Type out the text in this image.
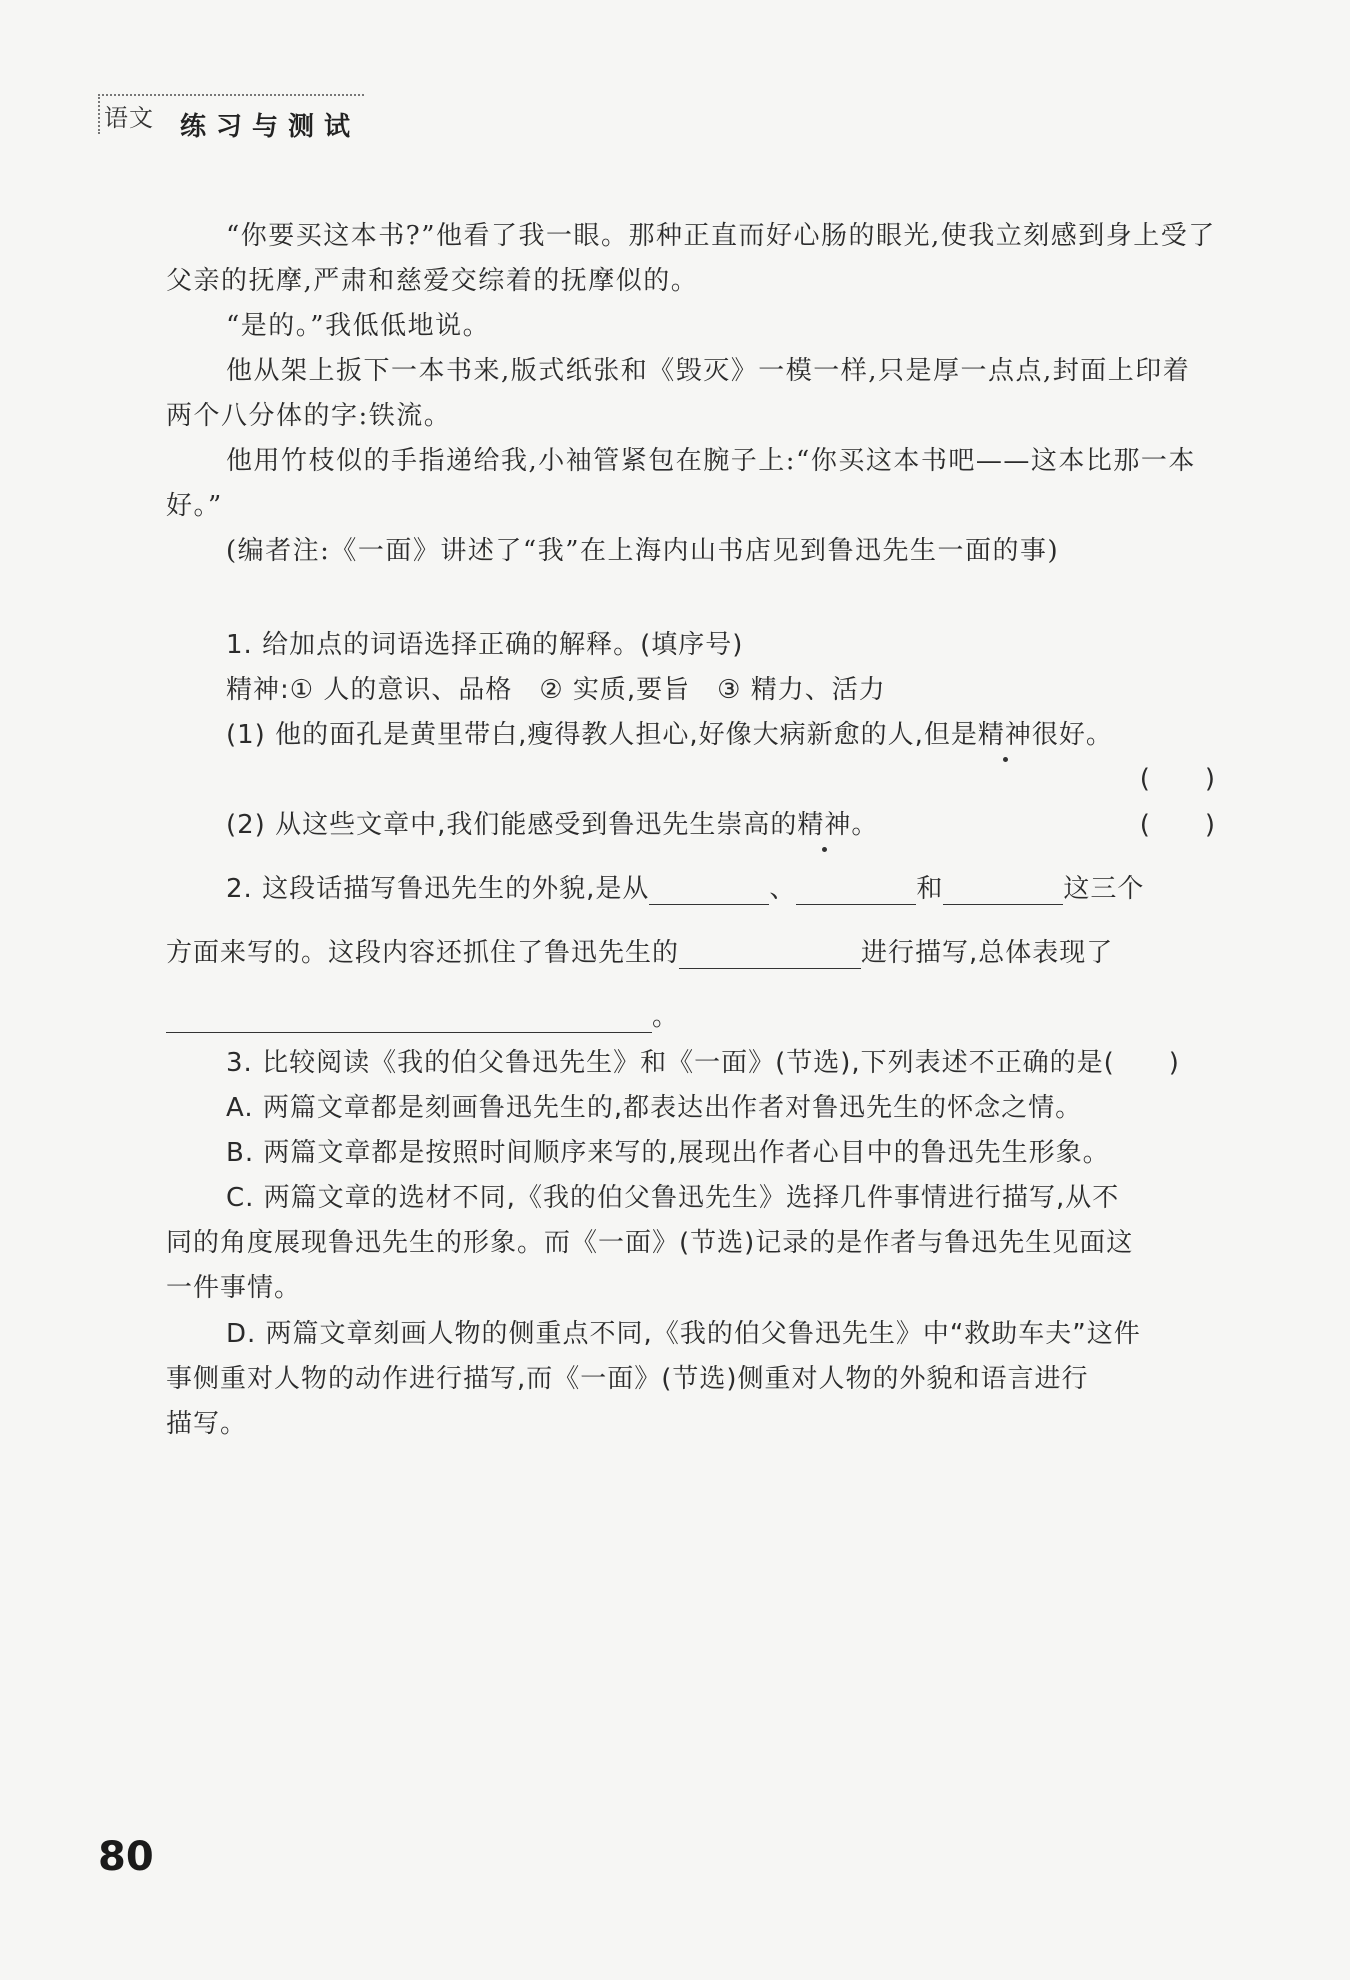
语文 练习与测试

“你要买这本书?”他看了我一眼。那种正直而好心肠的眼光,使我立刻感到身上受了父亲的抚摩,严肃和慈爱交综着的抚摩似的。

“是的。”我低低地说。

他从架上扳下一本书来,版式纸张和《毁灭》一模一样,只是厚一点点,封面上印着两个八分体的字:铁流。

他用竹枝似的手指递给我,小袖管紧包在腕子上:“你买这本书吧——这本比那一本好。”

(编者注:《一面》讲述了“我”在上海内山书店见到鲁迅先生一面的事)

1. 给加点的词语选择正确的解释。(填序号)
精神:① 人的意识、品格　② 实质,要旨　③ 精力、活力
(1) 他的面孔是黄里带白,瘦得教人担心,好像大病新愈的人,但是精神很好。
(　　)
(2) 从这些文章中,我们能感受到鲁迅先生崇高的精神。	(　　)
2. 这段话描写鲁迅先生的外貌,是从	、	和	这三个
方面来写的。这段内容还抓住了鲁迅先生的	进行描写,总体表现了
。
3. 比较阅读《我的伯父鲁迅先生》和《一面》(节选),下列表述不正确的是(　　)
A. 两篇文章都是刻画鲁迅先生的,都表达出作者对鲁迅先生的怀念之情。
B. 两篇文章都是按照时间顺序来写的,展现出作者心目中的鲁迅先生形象。
C. 两篇文章的选材不同,《我的伯父鲁迅先生》选择几件事情进行描写,从不
同的角度展现鲁迅先生的形象。而《一面》(节选)记录的是作者与鲁迅先生见面这
一件事情。
D. 两篇文章刻画人物的侧重点不同,《我的伯父鲁迅先生》中“救助车夫”这件
事侧重对人物的动作进行描写,而《一面》(节选)侧重对人物的外貌和语言进行
描写。
80
